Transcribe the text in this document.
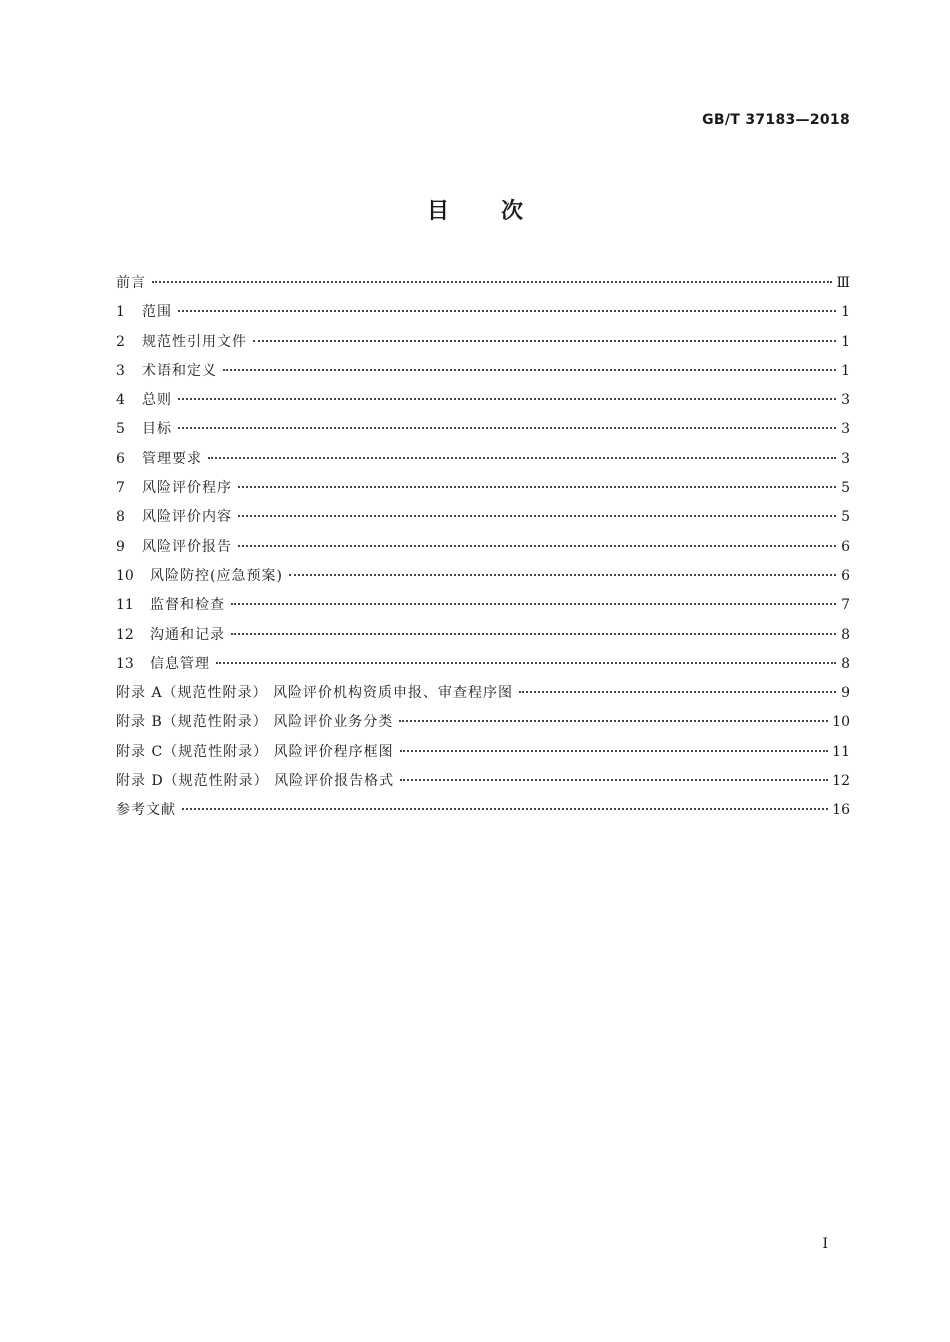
GB/T 37183—2018
目次
前言	Ⅲ
1	范围	1
2	规范性引用文件	1
3	术语和定义	1
4	总则	3
5	目标	3
6	管理要求	3
7	风险评价程序	5
8	风险评价内容	5
9	风险评价报告	6
10	风险防控(应急预案)	6
11	监督和检查	7
12	沟通和记录	8
13	信息管理	8
附录 A（规范性附录） 风险评价机构资质申报、审查程序图	9
附录 B（规范性附录） 风险评价业务分类	10
附录 C（规范性附录） 风险评价程序框图	11
附录 D（规范性附录） 风险评价报告格式	12
参考文献	16
I
